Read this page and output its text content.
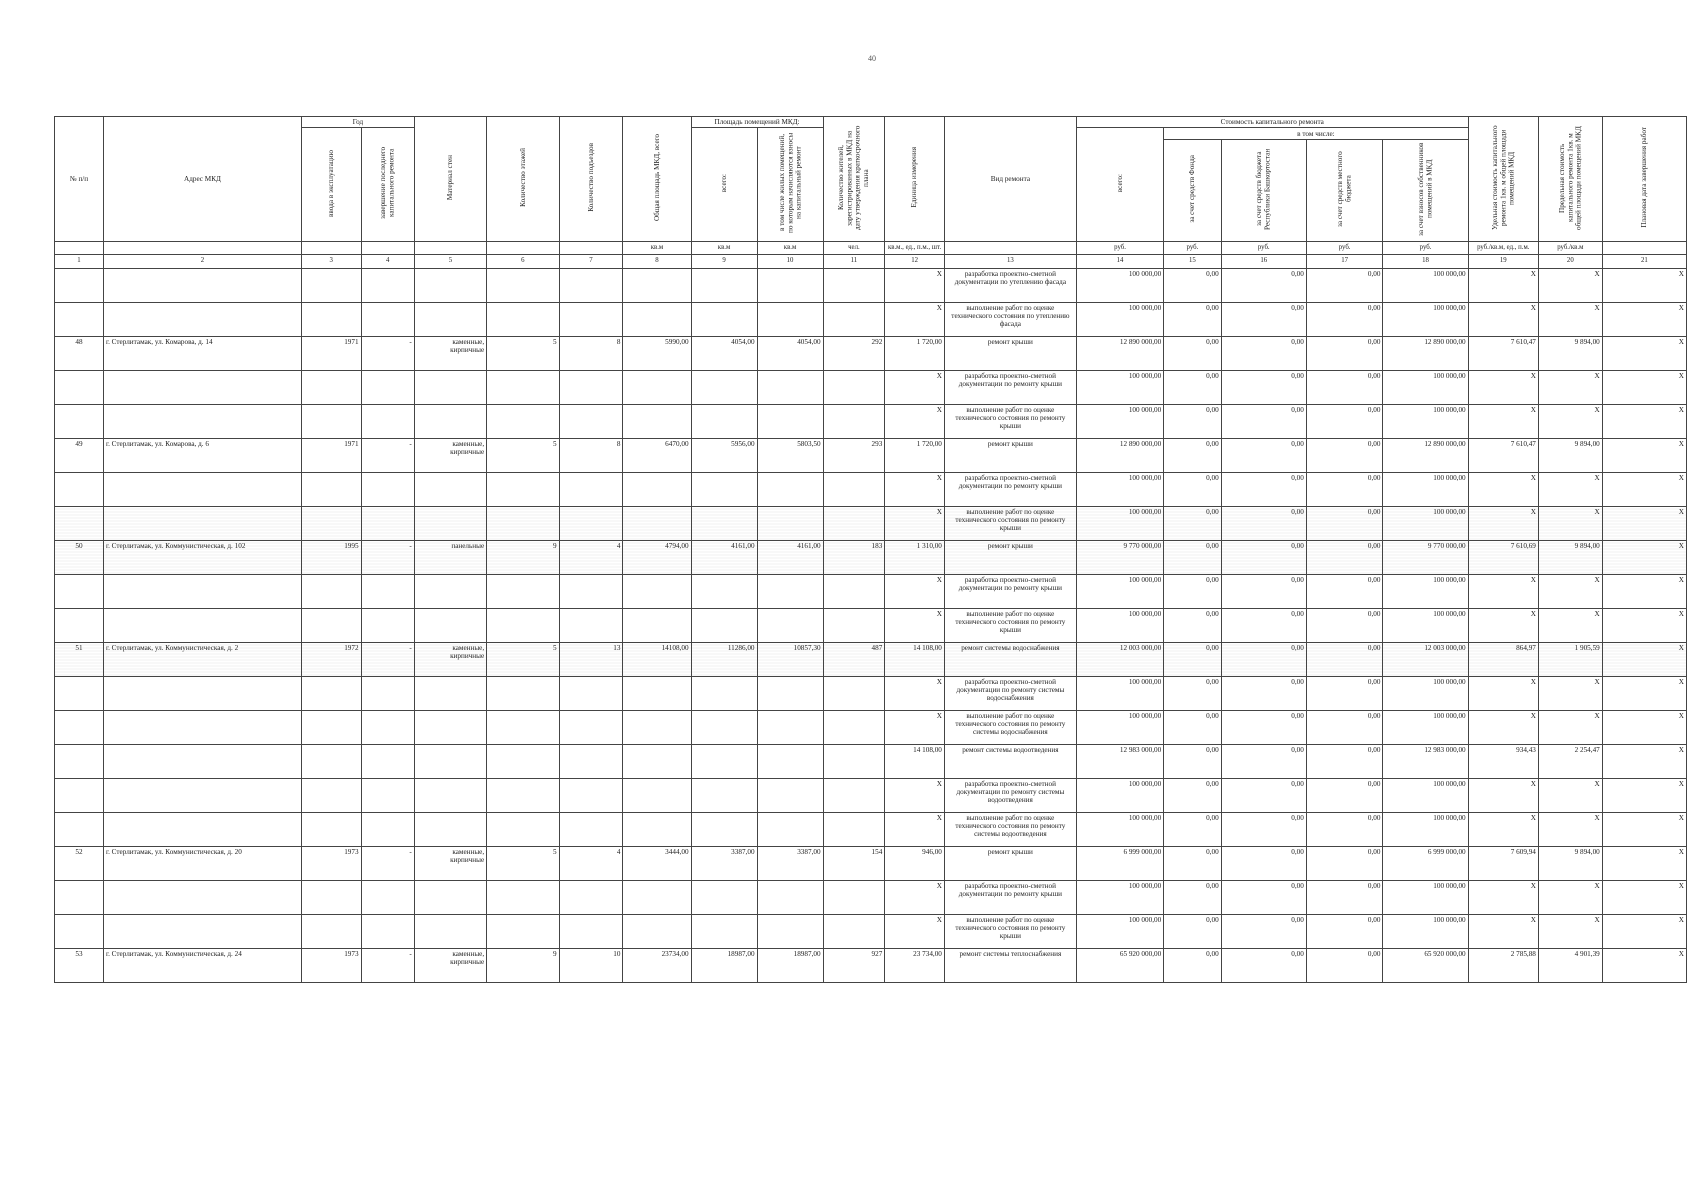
40
№ п/п	Адрес МКД	Год		Материал стен	Количество этажей	Количество подъездов	Общая площадь МКД, всего	Площадь помещений МКД:		Количество жителей, зарегистрированных в МКД на дату утверждения краткосрочного плана	Единица измерения	Вид ремонта	Стоимость капитального ремонта					Удельная стоимость капитального ремонта 1кв. м общей площади помещений МКД	Предельная стоимость капитального ремонта 1кв. м общей площади помещений МКД	Плановая дата завершения работ
		ввода в эксплуатацию	завершение последнего капитального ремонта					всего:	в том числе жилых помещений, по которым начисляются взносы на капитальный ремонт				всего:	в том числе:						
														за счет средств Фонда	за счет средств бюджета Республики Башкортостан	за счет средств местного бюджета	за счет взносов собственников помещений в МКД			
							кв.м	кв.м	кв.м	чел.	кв.м., ед., п.м., шт.		руб.	руб.	руб.	руб.	руб.	руб./кв.м, ед., п.м.	руб./кв.м	
1	2	3	4	5	6	7	8	9	10	11	12	13	14	15	16	17	18	19	20	21
											X	разработка проектно-сметной документации по утеплению фасада	100 000,00	0,00	0,00	0,00	100 000,00	X	X	X
											X	выполнение работ по оценке технического состояния по утеплению фасада	100 000,00	0,00	0,00	0,00	100 000,00	X	X	X
48	г. Стерлитамак, ул. Комарова, д. 14	1971	-	каменные, кирпичные	5	8	5990,00	4054,00	4054,00	292	1 720,00	ремонт крыши	12 890 000,00	0,00	0,00	0,00	12 890 000,00	7 610,47	9 894,00	X
											X	разработка проектно-сметной документации по ремонту крыши	100 000,00	0,00	0,00	0,00	100 000,00	X	X	X
											X	выполнение работ по оценке технического состояния по ремонту крыши	100 000,00	0,00	0,00	0,00	100 000,00	X	X	X
49	г. Стерлитамак, ул. Комарова, д. 6	1971	-	каменные, кирпичные	5	8	6470,00	5956,00	5803,50	293	1 720,00	ремонт крыши	12 890 000,00	0,00	0,00	0,00	12 890 000,00	7 610,47	9 894,00	X
											X	разработка проектно-сметной документации по ремонту крыши	100 000,00	0,00	0,00	0,00	100 000,00	X	X	X
											X	выполнение работ по оценке технического состояния по ремонту крыши	100 000,00	0,00	0,00	0,00	100 000,00	X	X	X
50	г. Стерлитамак, ул. Коммунистическая, д. 102	1995	-	панельные	9	4	4794,00	4161,00	4161,00	183	1 310,00	ремонт крыши	9 770 000,00	0,00	0,00	0,00	9 770 000,00	7 610,69	9 894,00	X
											X	разработка проектно-сметной документации по ремонту крыши	100 000,00	0,00	0,00	0,00	100 000,00	X	X	X
											X	выполнение работ по оценке технического состояния по ремонту крыши	100 000,00	0,00	0,00	0,00	100 000,00	X	X	X
51	г. Стерлитамак, ул. Коммунистическая, д. 2	1972	-	каменные, кирпичные	5	13	14108,00	11286,00	10857,30	487	14 108,00	ремонт системы водоснабжения	12 003 000,00	0,00	0,00	0,00	12 003 000,00	864,97	1 905,59	X
											X	разработка проектно-сметной документации по ремонту системы водоснабжения	100 000,00	0,00	0,00	0,00	100 000,00	X	X	X
											X	выполнение работ по оценке технического состояния по ремонту системы водоснабжения	100 000,00	0,00	0,00	0,00	100 000,00	X	X	X
											14 108,00	ремонт системы водоотведения	12 983 000,00	0,00	0,00	0,00	12 983 000,00	934,43	2 254,47	X
											X	разработка проектно-сметной документации по ремонту системы водоотведения	100 000,00	0,00	0,00	0,00	100 000,00	X	X	X
											X	выполнение работ по оценке технического состояния по ремонту системы водоотведения	100 000,00	0,00	0,00	0,00	100 000,00	X	X	X
52	г. Стерлитамак, ул. Коммунистическая, д. 20	1973	-	каменные, кирпичные	5	4	3444,00	3387,00	3387,00	154	946,00	ремонт крыши	6 999 000,00	0,00	0,00	0,00	6 999 000,00	7 609,94	9 894,00	X
											X	разработка проектно-сметной документации по ремонту крыши	100 000,00	0,00	0,00	0,00	100 000,00	X	X	X
											X	выполнение работ по оценке технического состояния по ремонту крыши	100 000,00	0,00	0,00	0,00	100 000,00	X	X	X
53	г. Стерлитамак, ул. Коммунистическая, д. 24	1973	-	каменные, кирпичные	9	10	23734,00	18987,00	18987,00	927	23 734,00	ремонт системы теплоснабжения	65 920 000,00	0,00	0,00	0,00	65 920 000,00	2 785,88	4 901,39	X
